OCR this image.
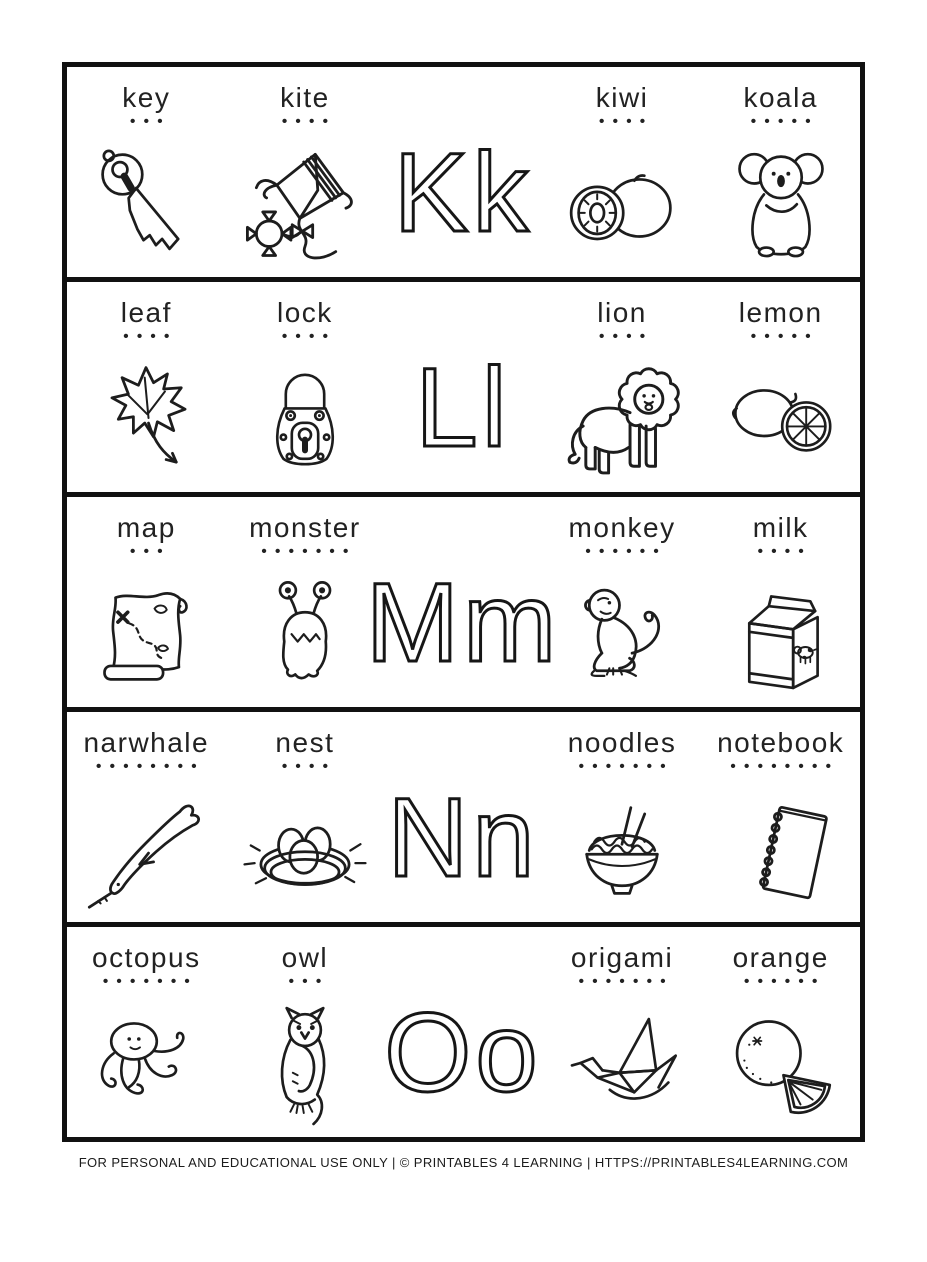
key
•••
kite
••••
Kk
kiwi
••••
koala
•••••
leaf
••••
lock
••••
Ll
lion
••••
lemon
•••••
map
•••
monster
•••••••
Mm
monkey
••••••
milk
••••
narwhale
••••••••
nest
••••
Nn
noodles
•••••••
notebook
••••••••
octopus
•••••••
owl
•••
Oo
origami
•••••••
orange
••••••
FOR PERSONAL AND EDUCATIONAL USE ONLY | © PRINTABLES 4 LEARNING | HTTPS://PRINTABLES4LEARNING.COM
